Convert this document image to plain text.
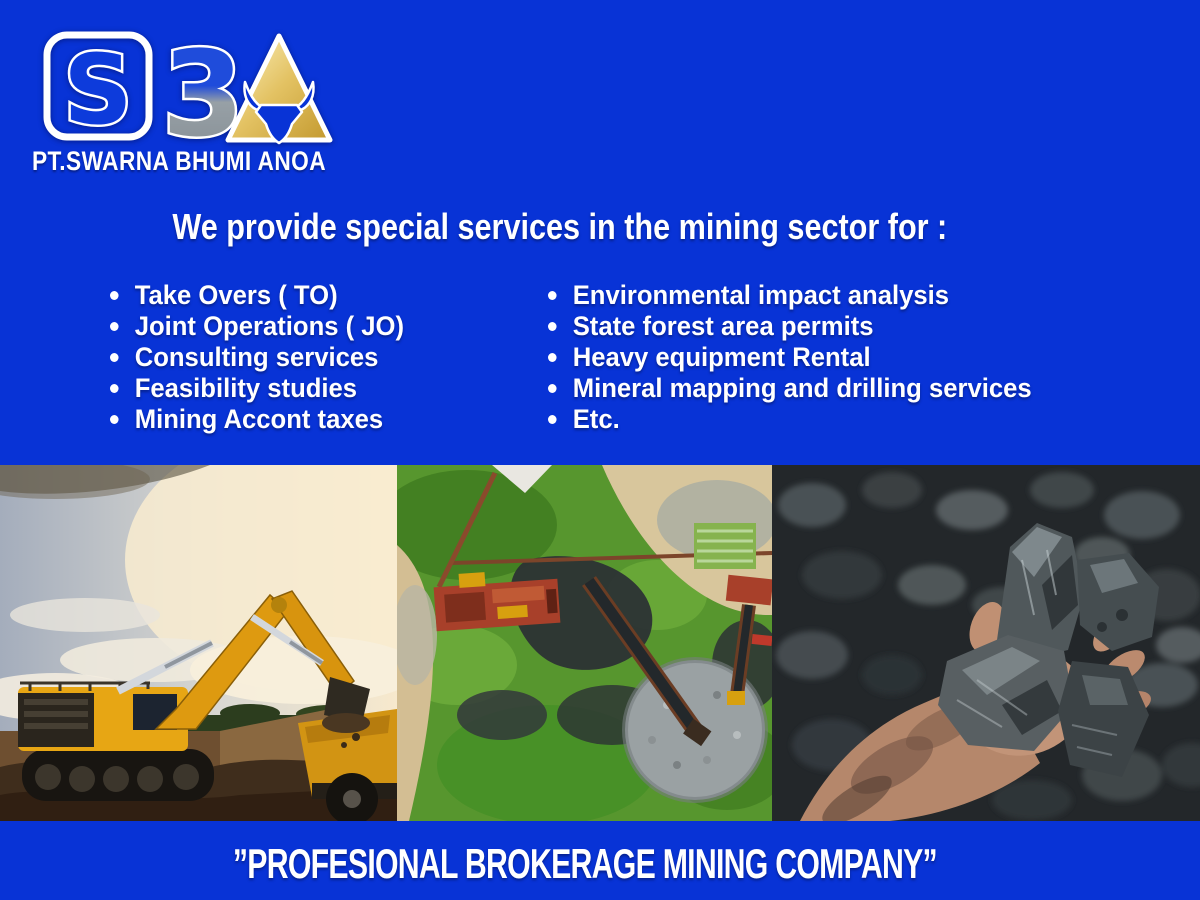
S 3
PT.SWARNA BHUMI ANOA
We provide special services in the mining sector for :
Take Overs ( TO)
Joint Operations ( JO)
Consulting services
Feasibility studies
Mining Accont taxes
Environmental impact analysis
State forest area permits
Heavy equipment Rental
Mineral mapping and drilling services
Etc.
”PROFESIONAL BROKERAGE MINING COMPANY”
